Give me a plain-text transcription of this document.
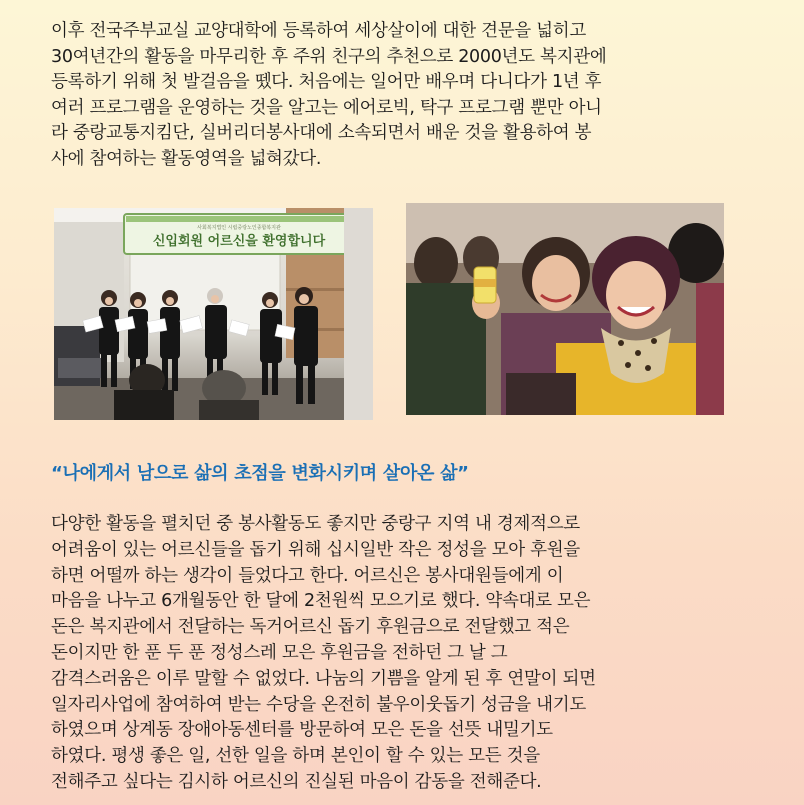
이후 전국주부교실 교양대학에 등록하여 세상살이에 대한 견문을 넓히고
30여년간의 활동을 마무리한 후 주위 친구의 추천으로 2000년도 복지관에
등록하기 위해 첫 발걸음을 뗐다. 처음에는 일어만 배우며 다니다가 1년 후
여러 프로그램을 운영하는 것을 알고는 에어로빅, 탁구 프로그램 뿐만 아니
라 중랑교통지킴단, 실버리더봉사대에 소속되면서 배운 것을 활용하여 봉
사에 참여하는 활동영역을 넓혀갔다.
사회복지법인 시립중랑노인종합복지관
신입회원 어르신을 환영합니다

“나에게서 남으로 삶의 초점을 변화시키며 살아온 삶”

다양한 활동을 펼치던 중 봉사활동도 좋지만 중랑구 지역 내 경제적으로
어려움이 있는 어르신들을 돕기 위해 십시일반 작은 정성을 모아 후원을
하면 어떨까 하는 생각이 들었다고 한다. 어르신은 봉사대원들에게 이
마음을 나누고 6개월동안 한 달에 2천원씩 모으기로 했다. 약속대로 모은
돈은 복지관에서 전달하는 독거어르신 돕기 후원금으로 전달했고 적은
돈이지만 한 푼 두 푼 정성스레 모은 후원금을 전하던 그 날 그
감격스러움은 이루 말할 수 없었다. 나눔의 기쁨을 알게 된 후 연말이 되면
일자리사업에 참여하여 받는 수당을 온전히 불우이웃돕기 성금을 내기도
하였으며 상계동 장애아동센터를 방문하여 모은 돈을 선뜻 내밀기도
하였다. 평생 좋은 일, 선한 일을 하며 본인이 할 수 있는 모든 것을
전해주고 싶다는 김시하 어르신의 진실된 마음이 감동을 전해준다.
